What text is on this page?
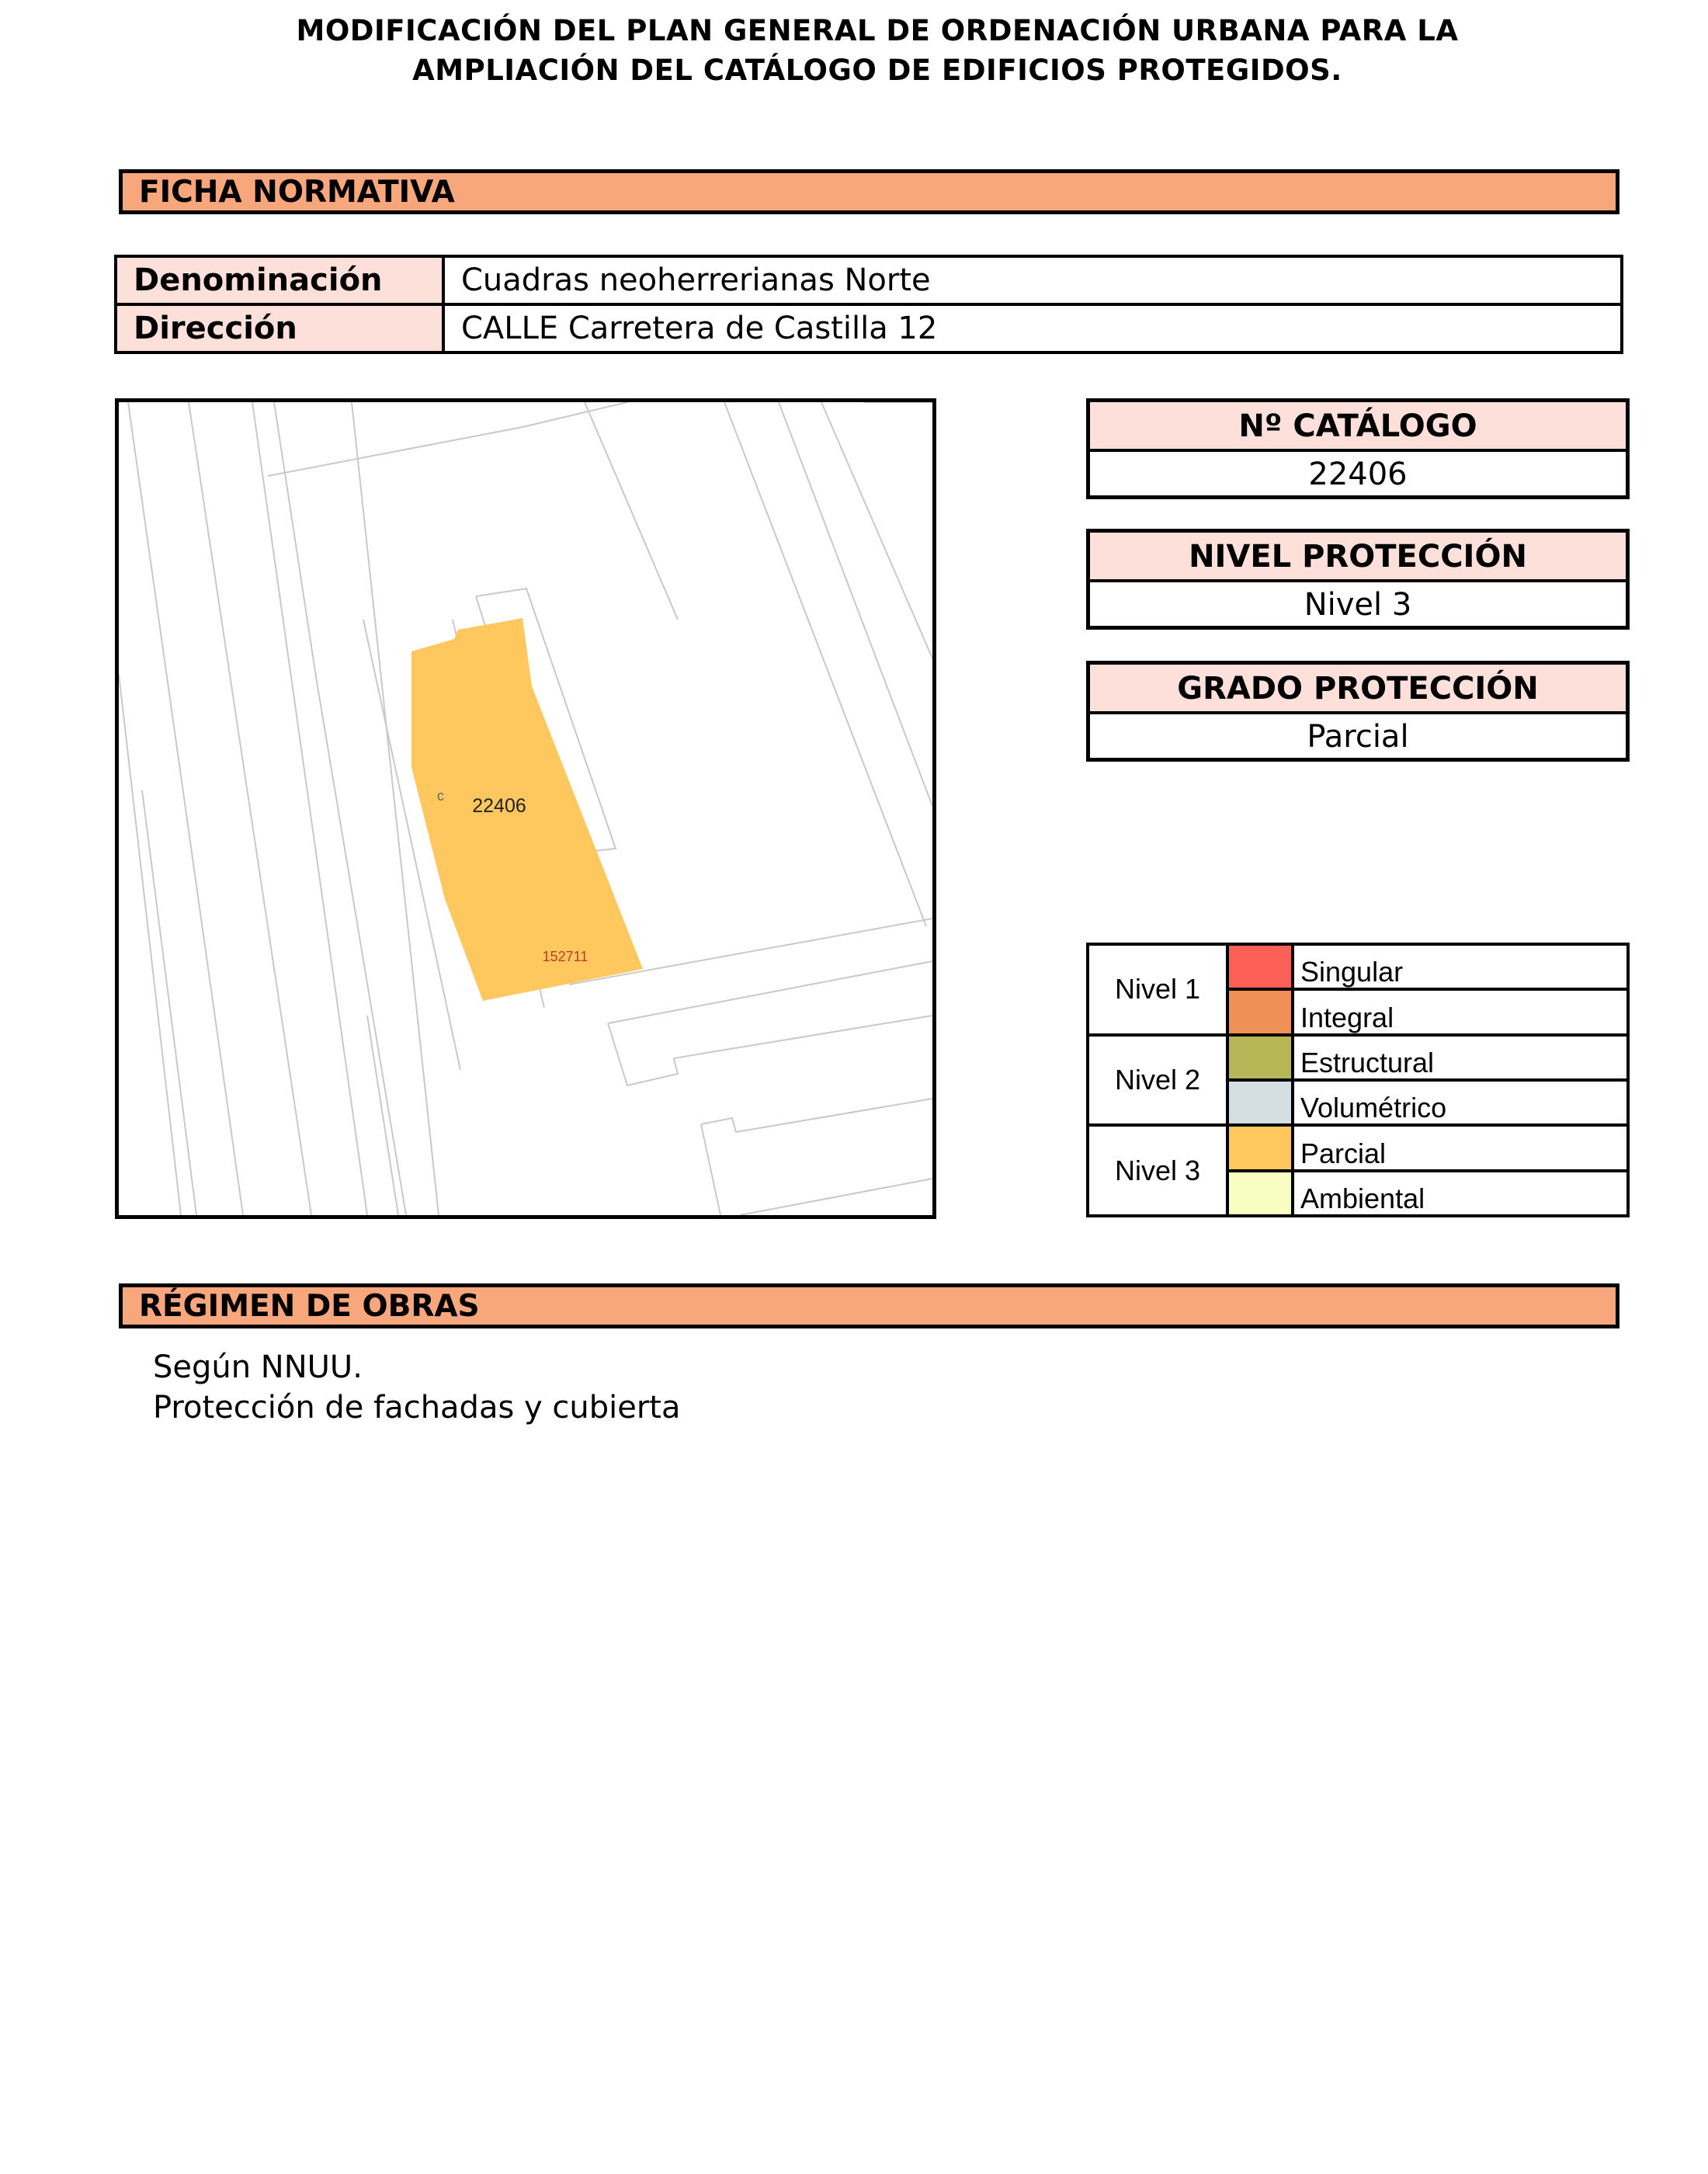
MODIFICACIÓN DEL PLAN GENERAL DE ORDENACIÓN URBANA PARA LA
AMPLIACIÓN DEL CATÁLOGO DE EDIFICIOS PROTEGIDOS.
FICHA NORMATIVA
Denominación	Cuadras neoherrerianas Norte
Dirección	CALLE Carretera de Castilla 12
22406
152711
c
Nº CATÁLOGO
22406
NIVEL PROTECCIÓN
Nivel 3
GRADO PROTECCIÓN
Parcial
Nivel 1		Singular
		Integral
Nivel 2		Estructural
		Volumétrico
Nivel 3		Parcial
		Ambiental
RÉGIMEN DE OBRAS
Según NNUU.
Protección de fachadas y cubierta
